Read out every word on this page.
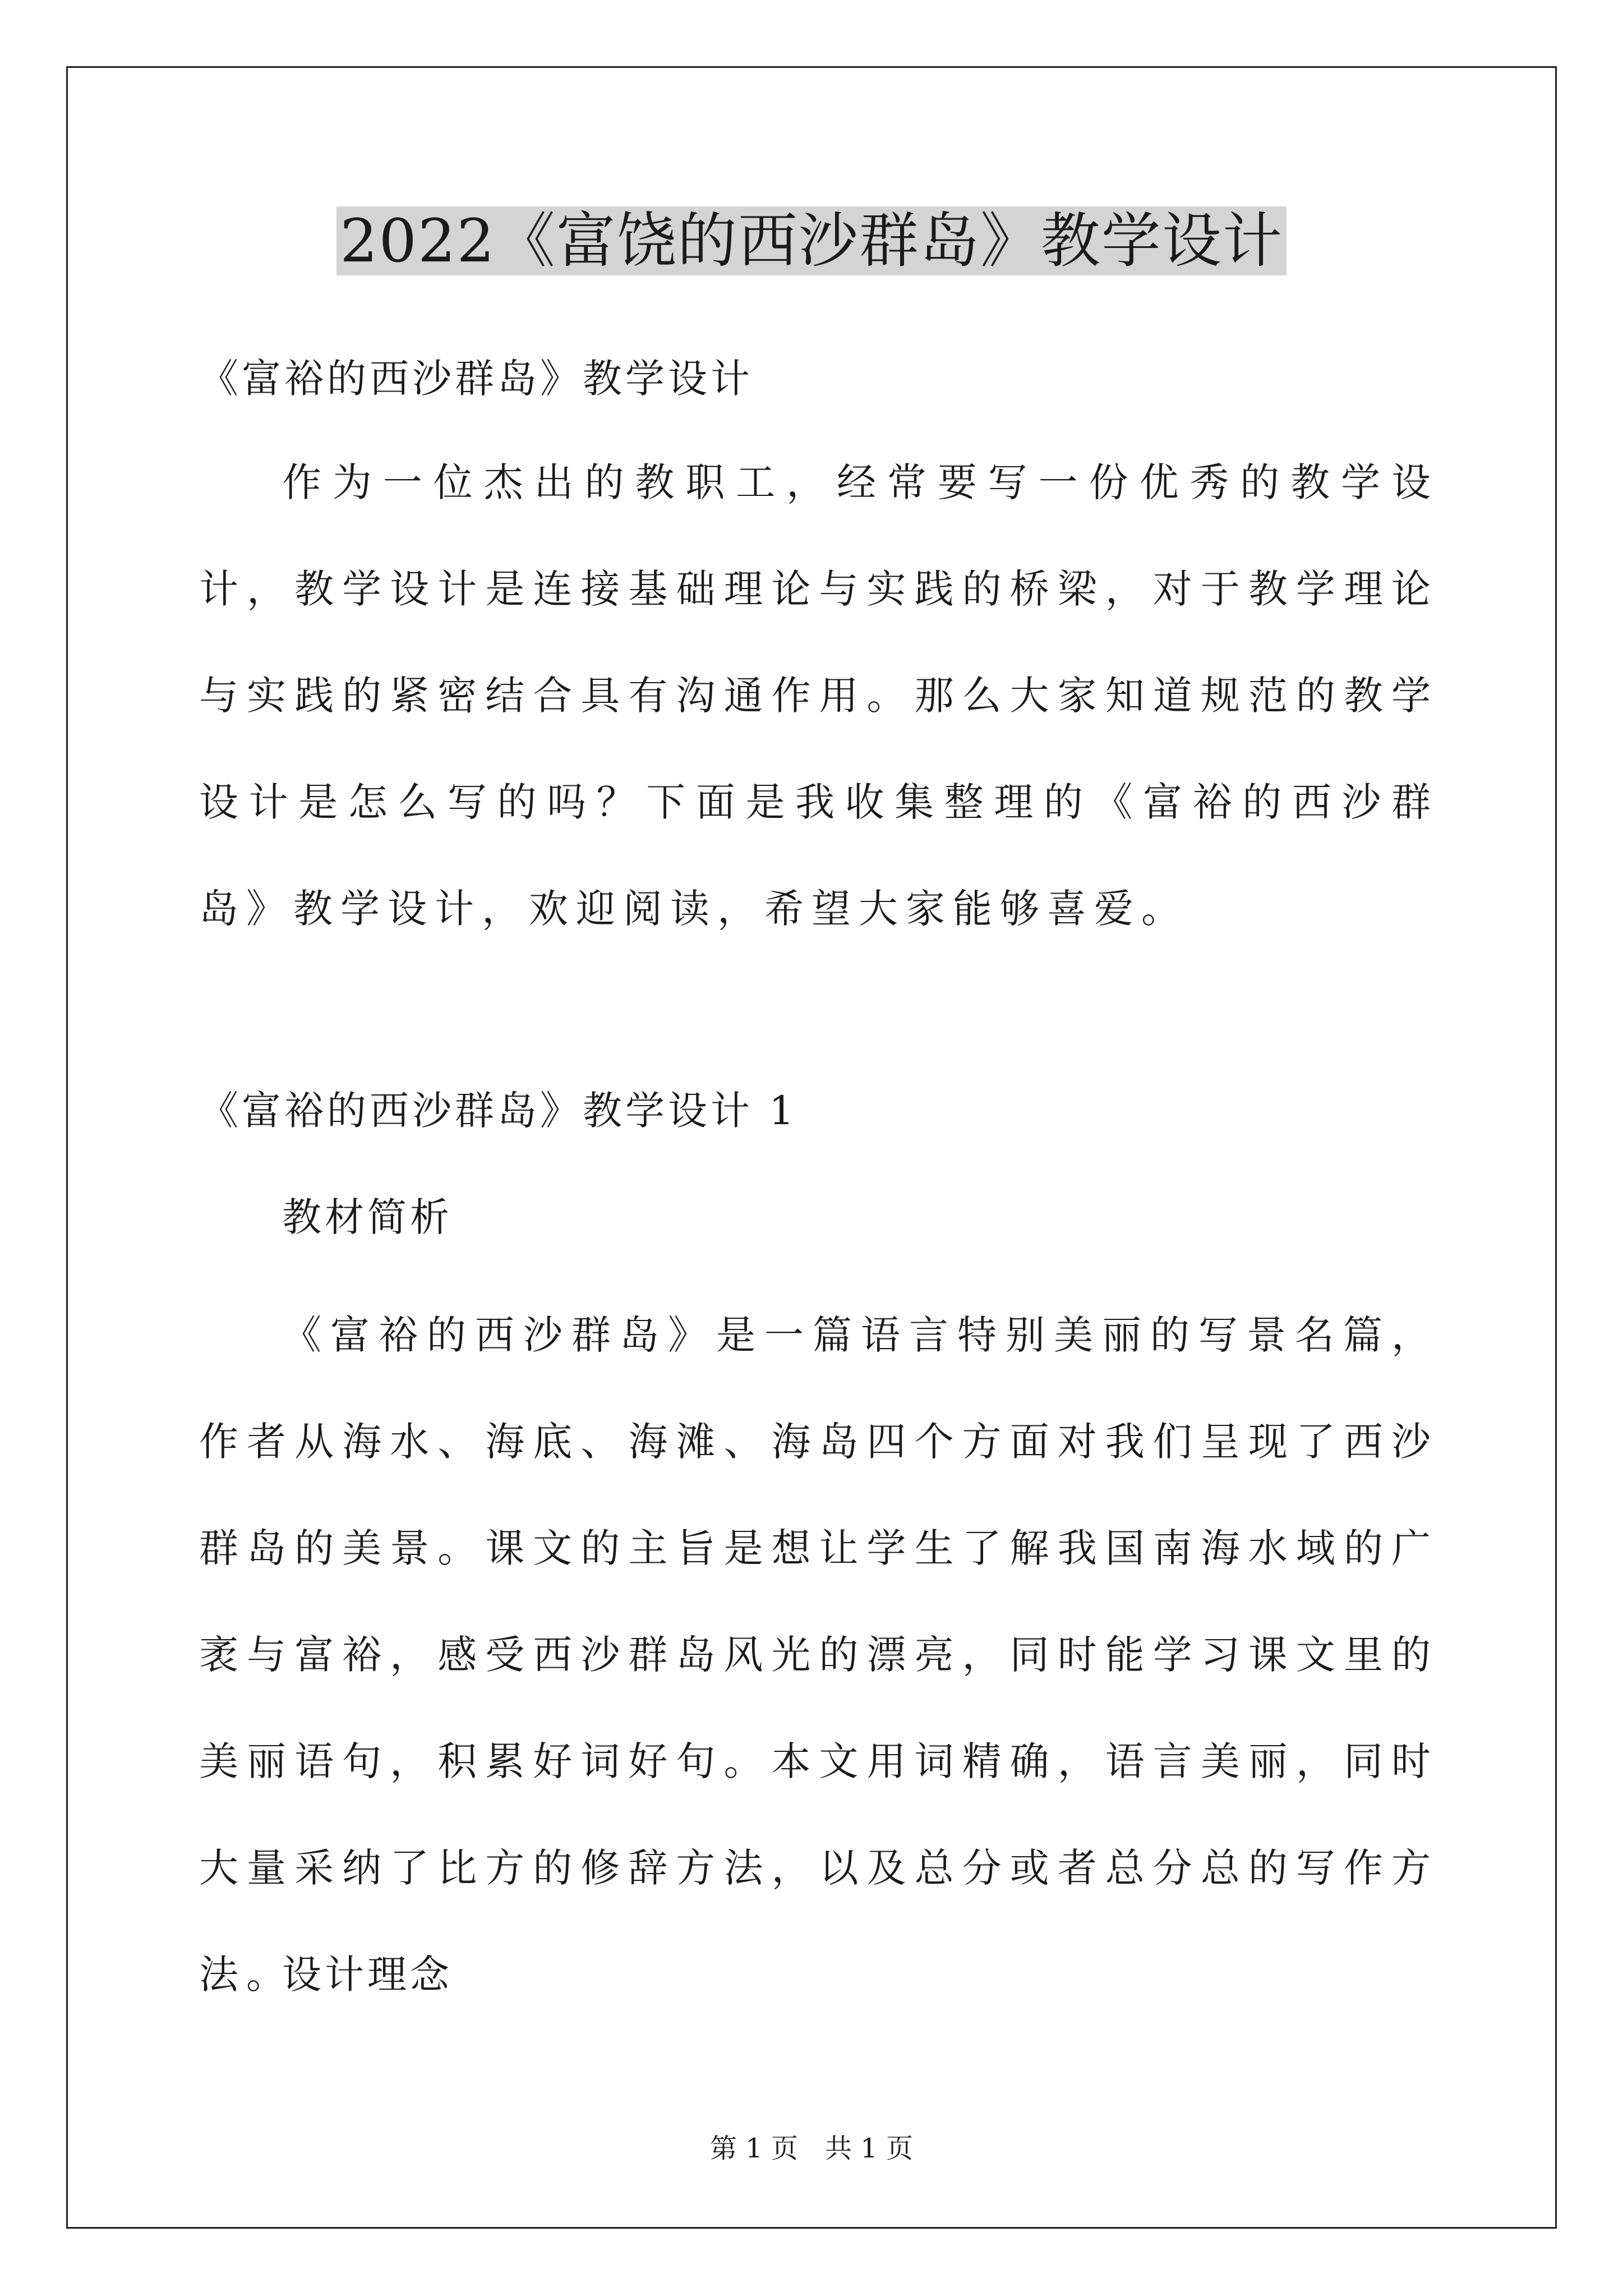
2022《富饶的西沙群岛》教学设计
《富裕的西沙群岛》教学设计
作为一位杰出的教职工，经常要写一份优秀的教学设计，教学设计是连接基础理论与实践的桥梁，对于教学理论与实践的紧密结合具有沟通作用。那么大家知道规范的教学设计是怎么写的吗？下面是我收集整理的《富裕的西沙群岛》教学设计，欢迎阅读，希望大家能够喜爱。
《富裕的西沙群岛》教学设计 1
教材简析
《富裕的西沙群岛》是一篇语言特别美丽的写景名篇，作者从海水、海底、海滩、海岛四个方面对我们呈现了西沙群岛的美景。课文的主旨是想让学生了解我国南海水域的广袤与富裕，感受西沙群岛风光的漂亮，同时能学习课文里的美丽语句，积累好词好句。本文用词精确，语言美丽，同时大量采纳了比方的修辞方法，以及总分或者总分总的写作方法。
设计理念
第 1 页　共 1 页
